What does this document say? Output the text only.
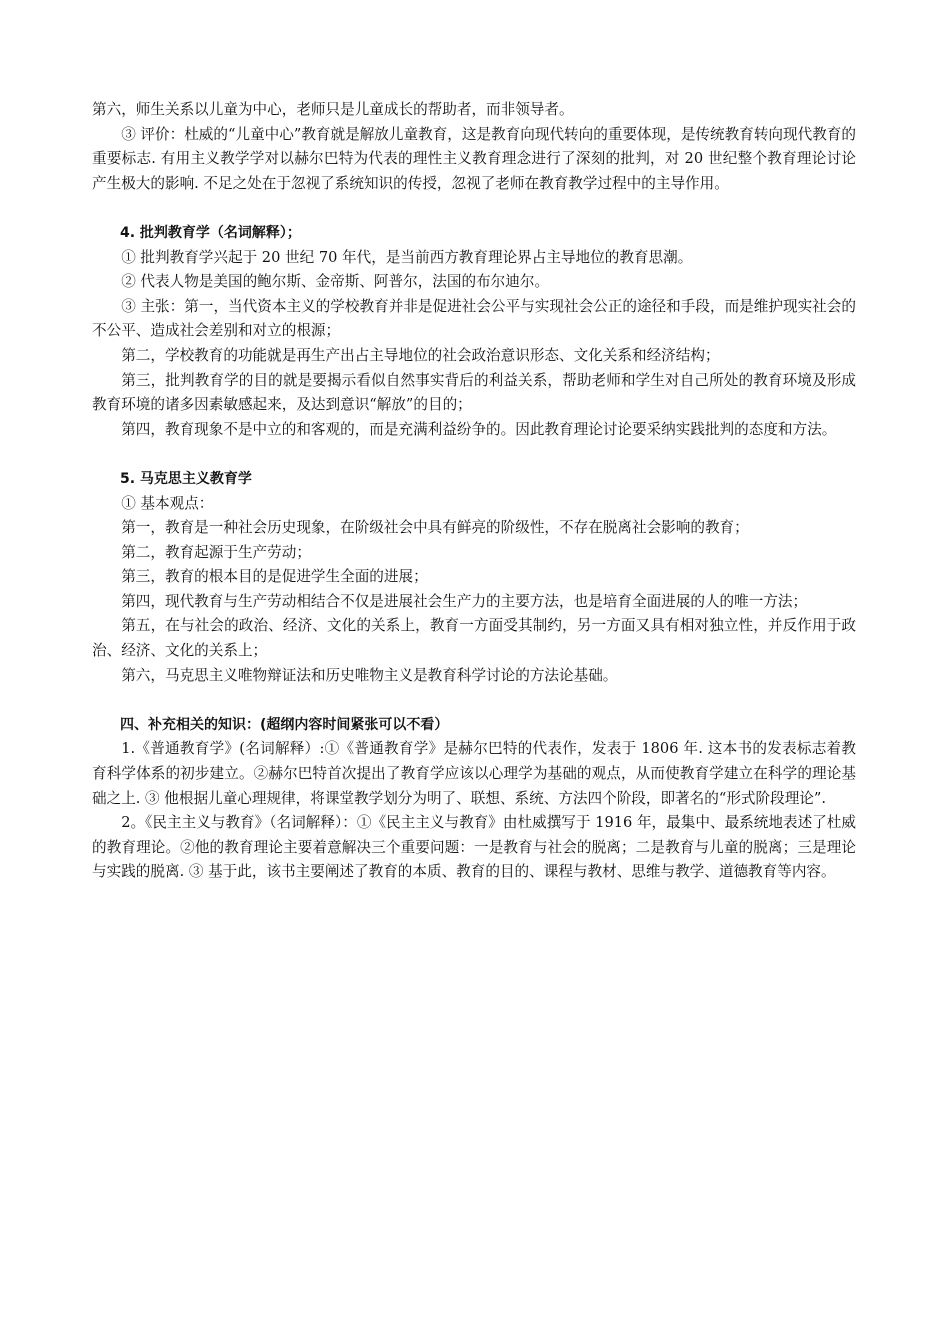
第六，师生关系以儿童为中心，老师只是儿童成长的帮助者，而非领导者。

③ 评价：杜威的“儿童中心”教育就是解放儿童教育，这是教育向现代转向的重要体现，是传统教育转向现代教育的重要标志. 有用主义教学学对以赫尔巴特为代表的理性主义教育理念进行了深刻的批判，对 20 世纪整个教育理论讨论产生极大的影响. 不足之处在于忽视了系统知识的传授，忽视了老师在教育教学过程中的主导作用。

4. 批判教育学（名词解释）；

① 批判教育学兴起于 20 世纪 70 年代，是当前西方教育理论界占主导地位的教育思潮。

② 代表人物是美国的鲍尔斯、金帝斯、阿普尔，法国的布尔迪尔。

③ 主张：第一，当代资本主义的学校教育并非是促进社会公平与实现社会公正的途径和手段，而是维护现实社会的不公平、造成社会差别和对立的根源；

第二，学校教育的功能就是再生产出占主导地位的社会政治意识形态、文化关系和经济结构；

第三，批判教育学的目的就是要揭示看似自然事实背后的利益关系，帮助老师和学生对自己所处的教育环境及形成教育环境的诸多因素敏感起来，及达到意识“解放”的目的；

第四，教育现象不是中立的和客观的，而是充满利益纷争的。因此教育理论讨论要采纳实践批判的态度和方法。

5. 马克思主义教育学

① 基本观点：

第一，教育是一种社会历史现象，在阶级社会中具有鲜亮的阶级性，不存在脱离社会影响的教育；

第二，教育起源于生产劳动；

第三，教育的根本目的是促进学生全面的进展；

第四，现代教育与生产劳动相结合不仅是进展社会生产力的主要方法，也是培育全面进展的人的唯一方法；

第五，在与社会的政治、经济、文化的关系上，教育一方面受其制约，另一方面又具有相对独立性，并反作用于政治、经济、文化的关系上；

第六，马克思主义唯物辩证法和历史唯物主义是教育科学讨论的方法论基础。

四、补充相关的知识：(超纲内容时间紧张可以不看）

1.《普通教育学》(名词解释）:①《普通教育学》是赫尔巴特的代表作，发表于 1806 年. 这本书的发表标志着教育科学体系的初步建立。②赫尔巴特首次提出了教育学应该以心理学为基础的观点，从而使教育学建立在科学的理论基础之上. ③ 他根据儿童心理规律，将课堂教学划分为明了、联想、系统、方法四个阶段，即著名的“形式阶段理论”.

2。《民主主义与教育》（名词解释）：①《民主主义与教育》由杜威撰写于 1916 年，最集中、最系统地表述了杜威的教育理论。②他的教育理论主要着意解决三个重要问题：一是教育与社会的脱离；二是教育与儿童的脱离；三是理论与实践的脱离. ③ 基于此，该书主要阐述了教育的本质、教育的目的、课程与教材、思维与教学、道德教育等内容。
